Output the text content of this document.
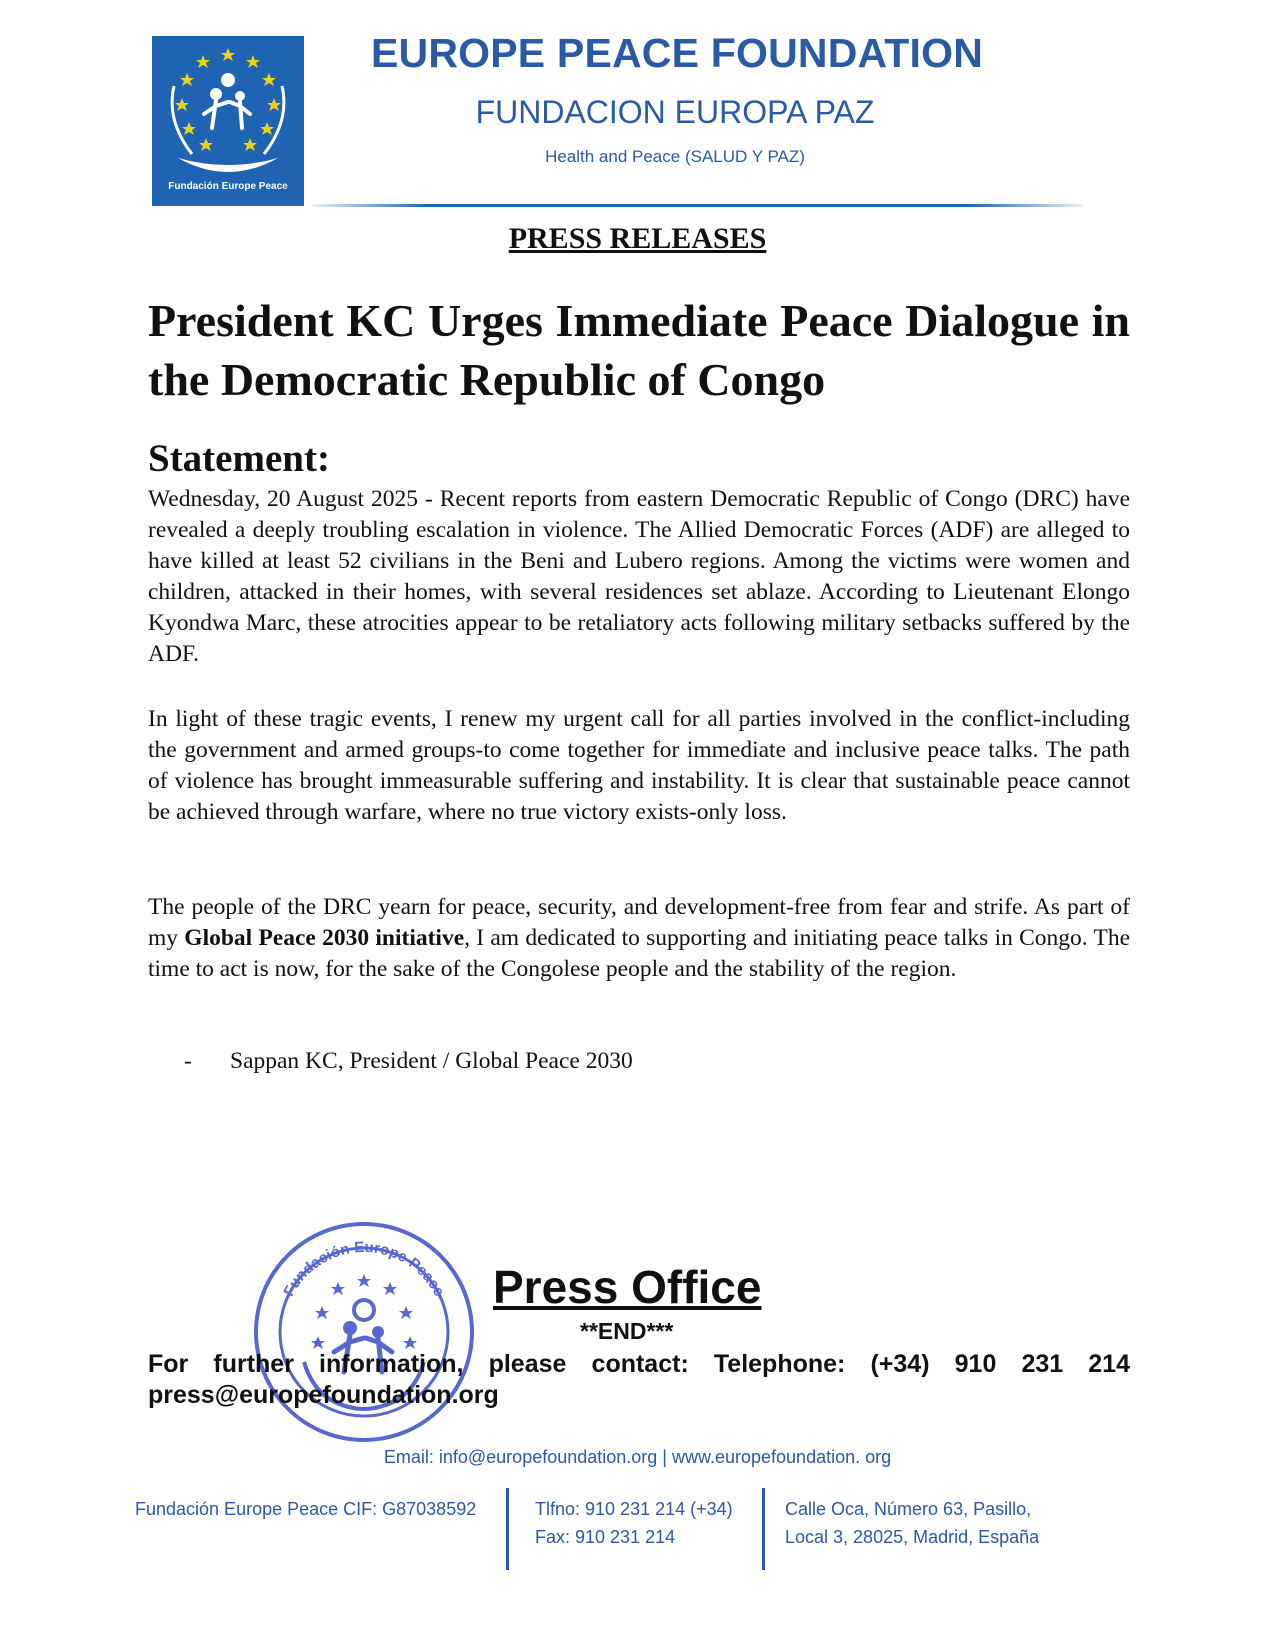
Fundación Europe Peace
EUROPE PEACE FOUNDATION
FUNDACION EUROPA PAZ
Health and Peace (SALUD Y PAZ)
PRESS RELEASES
President KC Urges Immediate Peace Dialogue in the Democratic Republic of Congo
Statement:

Wednesday, 20 August 2025 - Recent reports from eastern Democratic Republic of Congo (DRC) have revealed a deeply troubling escalation in violence. The Allied Democratic Forces (ADF) are alleged to have killed at least 52 civilians in the Beni and Lubero regions. Among the victims were women and children, attacked in their homes, with several residences set ablaze. According to Lieutenant Elongo Kyondwa Marc, these atrocities appear to be retaliatory acts following military setbacks suffered by the ADF.

In light of these tragic events, I renew my urgent call for all parties involved in the conflict-including the government and armed groups-to come together for immediate and inclusive peace talks. The path of violence has brought immeasurable suffering and instability. It is clear that sustainable peace cannot be achieved through warfare, where no true victory exists-only loss.

The people of the DRC yearn for peace, security, and development-free from fear and strife. As part of my Global Peace 2030 initiative, I am dedicated to supporting and initiating peace talks in Congo. The time to act is now, for the sake of the Congolese people and the stability of the region.

- Sappan KC, President / Global Peace 2030
Fundación Europe Peace Press Office
**END***

For further information, please contact: Telephone: (+34) 910 231 214

press@europefoundation.org
Email: info@europefoundation.org | www.europefoundation. org
Fundación Europe Peace CIF: G87038592	Tlfno: 910 231 214 (+34)
Fax: 910 231 214
Calle Oca, Número 63, Pasillo,
Local 3, 28025, Madrid, España
